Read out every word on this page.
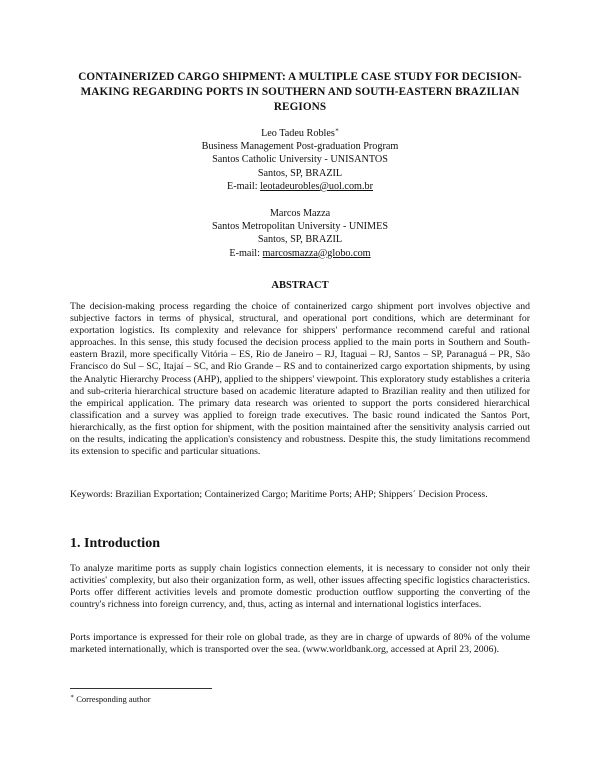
CONTAINERIZED CARGO SHIPMENT: A MULTIPLE CASE STUDY FOR DECISION-MAKING REGARDING PORTS IN SOUTHERN AND SOUTH-EASTERN BRAZILIAN REGIONS
Leo Tadeu Robles∗
Business Management Post-graduation Program
Santos Catholic University - UNISANTOS
Santos, SP, BRAZIL
E-mail: leotadeurobles@uol.com.br
Marcos Mazza
Santos Metropolitan University - UNIMES
Santos, SP, BRAZIL
E-mail: marcosmazza@globo.com
ABSTRACT
The decision-making process regarding the choice of containerized cargo shipment port involves objective and subjective factors in terms of physical, structural, and operational port conditions, which are determinant for exportation logistics. Its complexity and relevance for shippers' performance recommend careful and rational approaches. In this sense, this study focused the decision process applied to the main ports in Southern and South-eastern Brazil, more specifically Vitória – ES, Rio de Janeiro – RJ, Itaguai – RJ, Santos – SP, Paranaguá – PR, São Francisco do Sul – SC, Itajaí – SC, and Rio Grande – RS and to containerized cargo exportation shipments, by using the Analytic Hierarchy Process (AHP), applied to the shippers' viewpoint. This exploratory study establishes a criteria and sub-criteria hierarchical structure based on academic literature adapted to Brazilian reality and then utilized for the empirical application. The primary data research was oriented to support the ports considered hierarchical classification and a survey was applied to foreign trade executives. The basic round indicated the Santos Port, hierarchically, as the first option for shipment, with the position maintained after the sensitivity analysis carried out on the results, indicating the application's consistency and robustness. Despite this, the study limitations recommend its extension to specific and particular situations.
Keywords: Brazilian Exportation; Containerized Cargo; Maritime Ports; AHP; Shippers´ Decision Process.
1. Introduction
To analyze maritime ports as supply chain logistics connection elements, it is necessary to consider not only their activities' complexity, but also their organization form, as well, other issues affecting specific logistics characteristics. Ports offer different activities levels and promote domestic production outflow supporting the converting of the country's richness into foreign currency, and, thus, acting as internal and international logistics interfaces.
Ports importance is expressed for their role on global trade, as they are in charge of upwards of 80% of the volume marketed internationally, which is transported over the sea. (www.worldbank.org, accessed at April 23, 2006).
∗ Corresponding author
